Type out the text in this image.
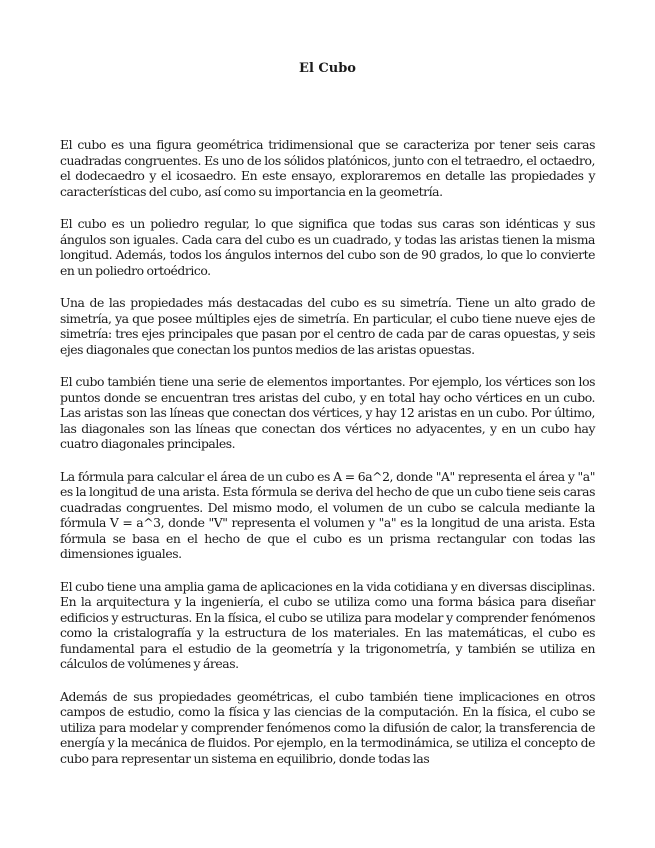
El Cubo

El cubo es una figura geométrica tridimensional que se caracteriza por tener seis caras cuadradas congruentes. Es uno de los sólidos platónicos, junto con el tetraedro, el octaedro, el dodecaedro y el icosaedro. En este ensayo, exploraremos en detalle las propiedades y características del cubo, así como su importancia en la geometría.

El cubo es un poliedro regular, lo que significa que todas sus caras son idénticas y sus ángulos son iguales. Cada cara del cubo es un cuadrado, y todas las aristas tienen la misma longitud. Además, todos los ángulos internos del cubo son de 90 grados, lo que lo convierte en un poliedro ortoédrico.

Una de las propiedades más destacadas del cubo es su simetría. Tiene un alto grado de simetría, ya que posee múltiples ejes de simetría. En particular, el cubo tiene nueve ejes de simetría: tres ejes principales que pasan por el centro de cada par de caras opuestas, y seis ejes diagonales que conectan los puntos medios de las aristas opuestas.

El cubo también tiene una serie de elementos importantes. Por ejemplo, los vértices son los puntos donde se encuentran tres aristas del cubo, y en total hay ocho vértices en un cubo. Las aristas son las líneas que conectan dos vértices, y hay 12 aristas en un cubo. Por último, las diagonales son las líneas que conectan dos vértices no adyacentes, y en un cubo hay cuatro diagonales principales.

La fórmula para calcular el área de un cubo es A = 6a^2, donde "A" representa el área y "a" es la longitud de una arista. Esta fórmula se deriva del hecho de que un cubo tiene seis caras cuadradas congruentes. Del mismo modo, el volumen de un cubo se calcula mediante la fórmula V = a^3, donde "V" representa el volumen y "a" es la longitud de una arista. Esta fórmula se basa en el hecho de que el cubo es un prisma rectangular con todas las dimensiones iguales.

El cubo tiene una amplia gama de aplicaciones en la vida cotidiana y en diversas disciplinas. En la arquitectura y la ingeniería, el cubo se utiliza como una forma básica para diseñar edificios y estructuras. En la física, el cubo se utiliza para modelar y comprender fenómenos como la cristalografía y la estructura de los materiales. En las matemáticas, el cubo es fundamental para el estudio de la geometría y la trigonometría, y también se utiliza en cálculos de volúmenes y áreas.

Además de sus propiedades geométricas, el cubo también tiene implicaciones en otros campos de estudio, como la física y las ciencias de la computación. En la física, el cubo se utiliza para modelar y comprender fenómenos como la difusión de calor, la transferencia de energía y la mecánica de fluidos. Por ejemplo, en la termodinámica, se utiliza el concepto de cubo para representar un sistema en equilibrio, donde todas las
